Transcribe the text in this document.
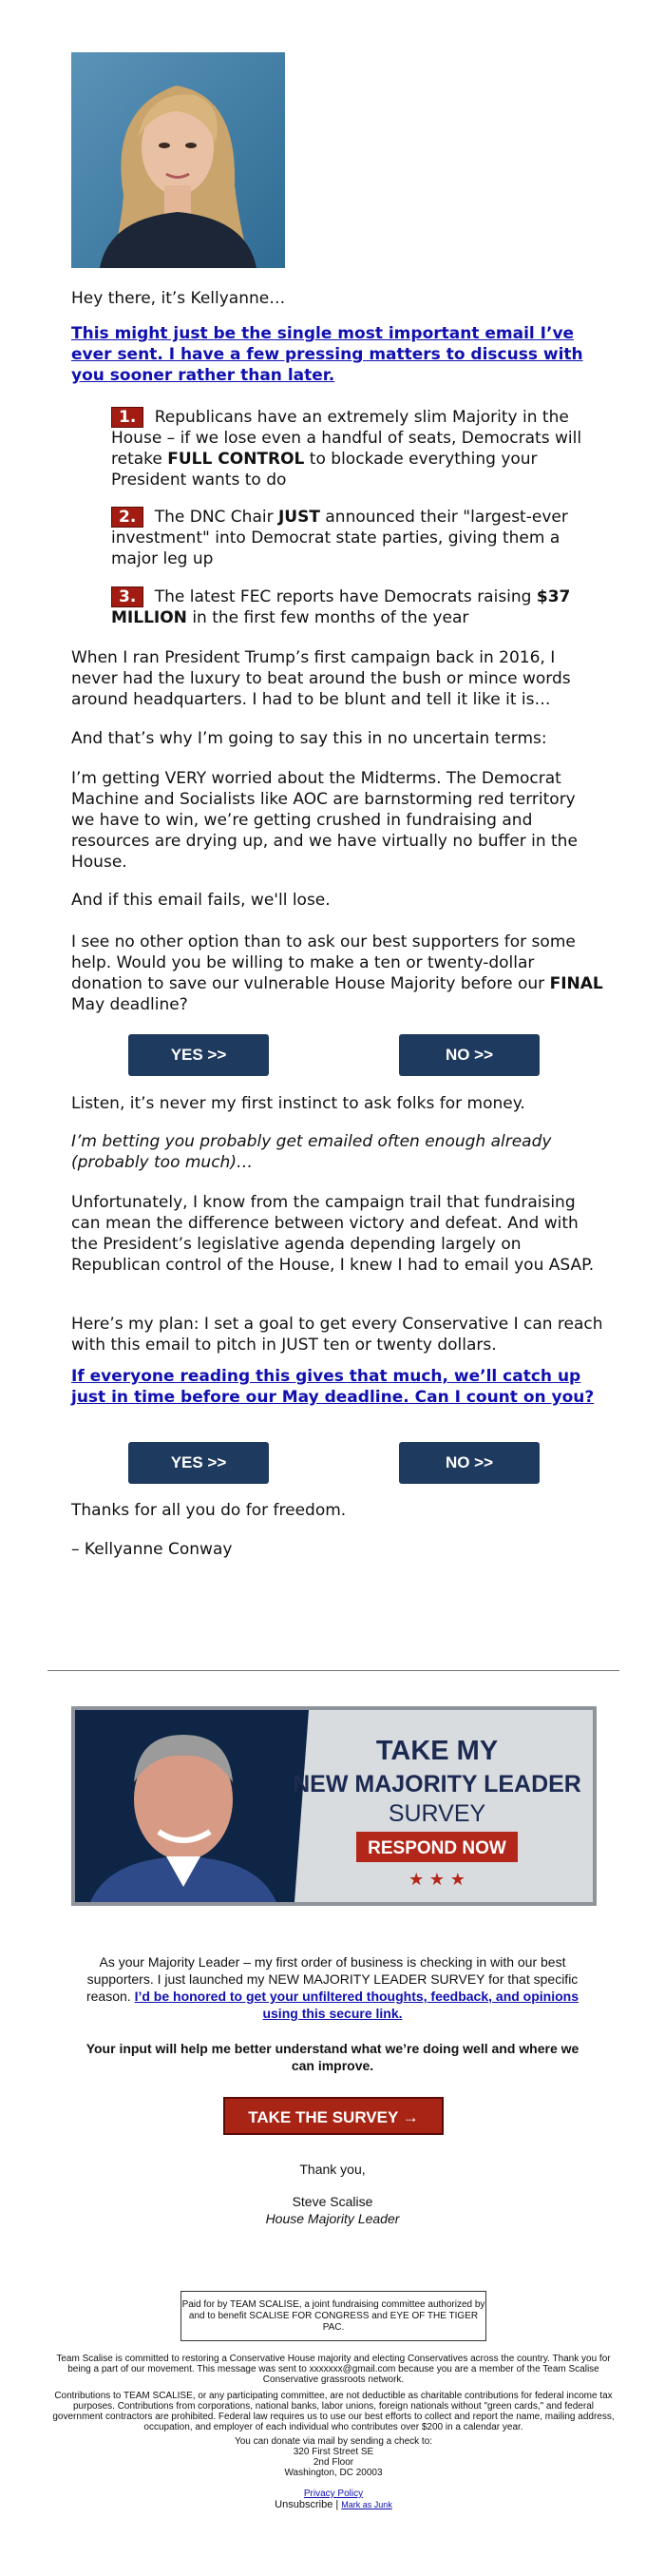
Hey there, it’s Kellyanne…

This might just be the single most important email I’ve ever sent. I have a few pressing matters to discuss with you sooner rather than later.

1. Republicans have an extremely slim Majority in the House – if we lose even a handful of seats, Democrats will retake FULL CONTROL to blockade everything your President wants to do

2. The DNC Chair JUST announced their "largest-ever investment" into Democrat state parties, giving them a major leg up

3. The latest FEC reports have Democrats raising $37 MILLION in the first few months of the year

When I ran President Trump’s first campaign back in 2016, I never had the luxury to beat around the bush or mince words around headquarters. I had to be blunt and tell it like it is…

And that’s why I’m going to say this in no uncertain terms:

I’m getting VERY worried about the Midterms. The Democrat Machine and Socialists like AOC are barnstorming red territory we have to win, we’re getting crushed in fundraising and resources are drying up, and we have virtually no buffer in the House.

And if this email fails, we'll lose.

I see no other option than to ask our best supporters for some help. Would you be willing to make a ten or twenty-dollar donation to save our vulnerable House Majority before our FINAL May deadline?

YES >>	NO >>

Listen, it’s never my first instinct to ask folks for money.

I’m betting you probably get emailed often enough already (probably too much)…

Unfortunately, I know from the campaign trail that fundraising can mean the difference between victory and defeat. And with the President’s legislative agenda depending largely on Republican control of the House, I knew I had to email you ASAP.

Here’s my plan: I set a goal to get every Conservative I can reach with this email to pitch in JUST ten or twenty dollars.

If everyone reading this gives that much, we’ll catch up just in time before our May deadline. Can I count on you?

YES >>	NO >>

Thanks for all you do for freedom.

– Kellyanne Conway

TAKE MY
NEW MAJORITY LEADER
SURVEY
RESPOND NOW
★ ★ ★

As your Majority Leader – my first order of business is checking in with our best supporters. I just launched my NEW MAJORITY LEADER SURVEY for that specific reason. I’d be honored to get your unfiltered thoughts, feedback, and opinions using this secure link.

Your input will help me better understand what we’re doing well and where we can improve.

TAKE THE SURVEY →

Thank you,

Steve Scalise

House Majority Leader

Paid for by TEAM SCALISE, a joint fundraising committee authorized by and to benefit SCALISE FOR CONGRESS and EYE OF THE TIGER PAC.

Team Scalise is committed to restoring a Conservative House majority and electing Conservatives across the country. Thank you for being a part of our movement. This message was sent to xxxxxxx@gmail.com because you are a member of the Team Scalise Conservative grassroots network.

Contributions to TEAM SCALISE, or any participating committee, are not deductible as charitable contributions for federal income tax purposes. Contributions from corporations, national banks, labor unions, foreign nationals without "green cards," and federal government contractors are prohibited. Federal law requires us to use our best efforts to collect and report the name, mailing address, occupation, and employer of each individual who contributes over $200 in a calendar year.

You can donate via mail by sending a check to:

320 First Street SE

2nd Floor

Washington, DC 20003

Privacy Policy

Unsubscribe | Mark as Junk
